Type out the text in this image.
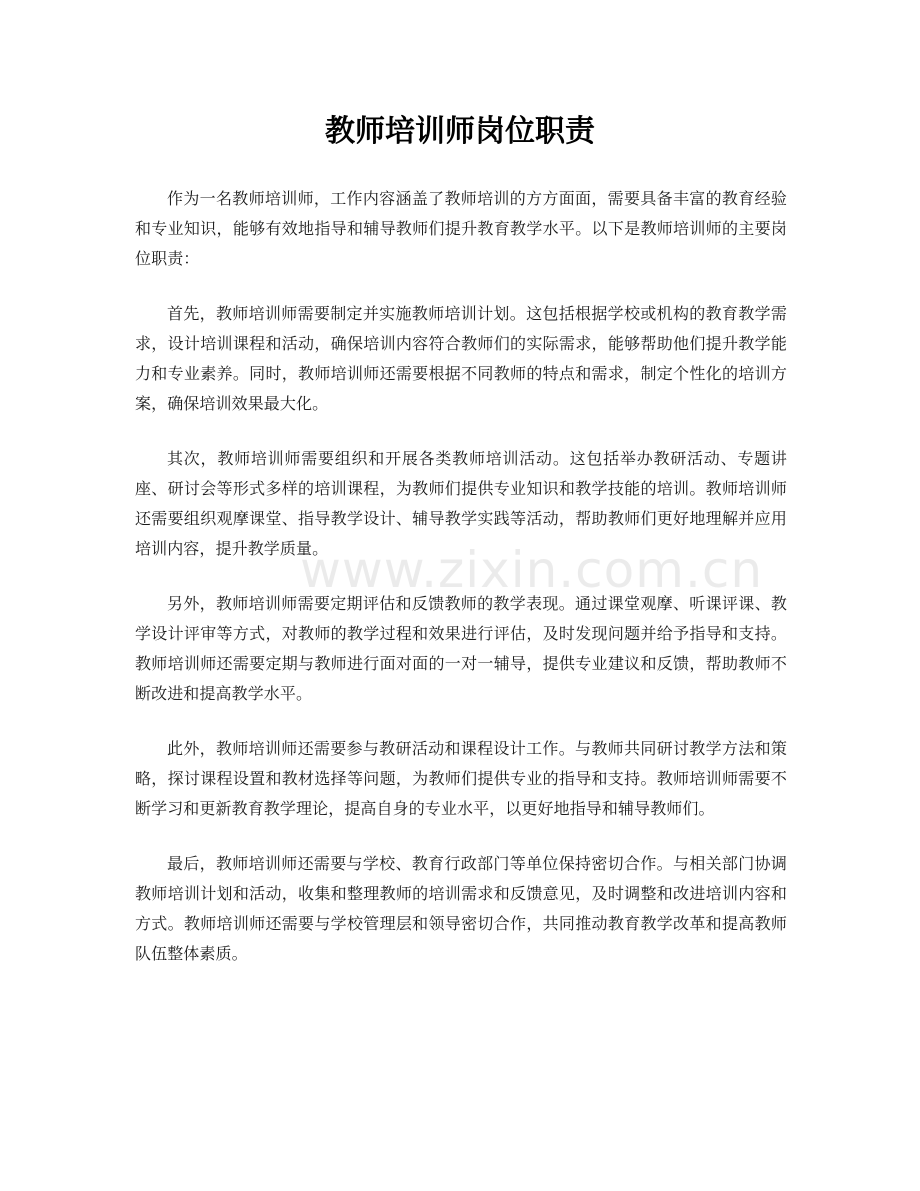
教师培训师岗位职责

作为一名教师培训师，工作内容涵盖了教师培训的方方面面，需要具备丰富的教育经验和专业知识，能够有效地指导和辅导教师们提升教育教学水平。以下是教师培训师的主要岗位职责：

首先，教师培训师需要制定并实施教师培训计划。这包括根据学校或机构的教育教学需求，设计培训课程和活动，确保培训内容符合教师们的实际需求，能够帮助他们提升教学能力和专业素养。同时，教师培训师还需要根据不同教师的特点和需求，制定个性化的培训方案，确保培训效果最大化。

其次，教师培训师需要组织和开展各类教师培训活动。这包括举办教研活动、专题讲座、研讨会等形式多样的培训课程，为教师们提供专业知识和教学技能的培训。教师培训师还需要组织观摩课堂、指导教学设计、辅导教学实践等活动，帮助教师们更好地理解并应用培训内容，提升教学质量。

另外，教师培训师需要定期评估和反馈教师的教学表现。通过课堂观摩、听课评课、教学设计评审等方式，对教师的教学过程和效果进行评估，及时发现问题并给予指导和支持。教师培训师还需要定期与教师进行面对面的一对一辅导，提供专业建议和反馈，帮助教师不断改进和提高教学水平。

此外，教师培训师还需要参与教研活动和课程设计工作。与教师共同研讨教学方法和策略，探讨课程设置和教材选择等问题，为教师们提供专业的指导和支持。教师培训师需要不断学习和更新教育教学理论，提高自身的专业水平，以更好地指导和辅导教师们。

最后，教师培训师还需要与学校、教育行政部门等单位保持密切合作。与相关部门协调教师培训计划和活动，收集和整理教师的培训需求和反馈意见，及时调整和改进培训内容和方式。教师培训师还需要与学校管理层和领导密切合作，共同推动教育教学改革和提高教师队伍整体素质。

www.zixin.com.cn
